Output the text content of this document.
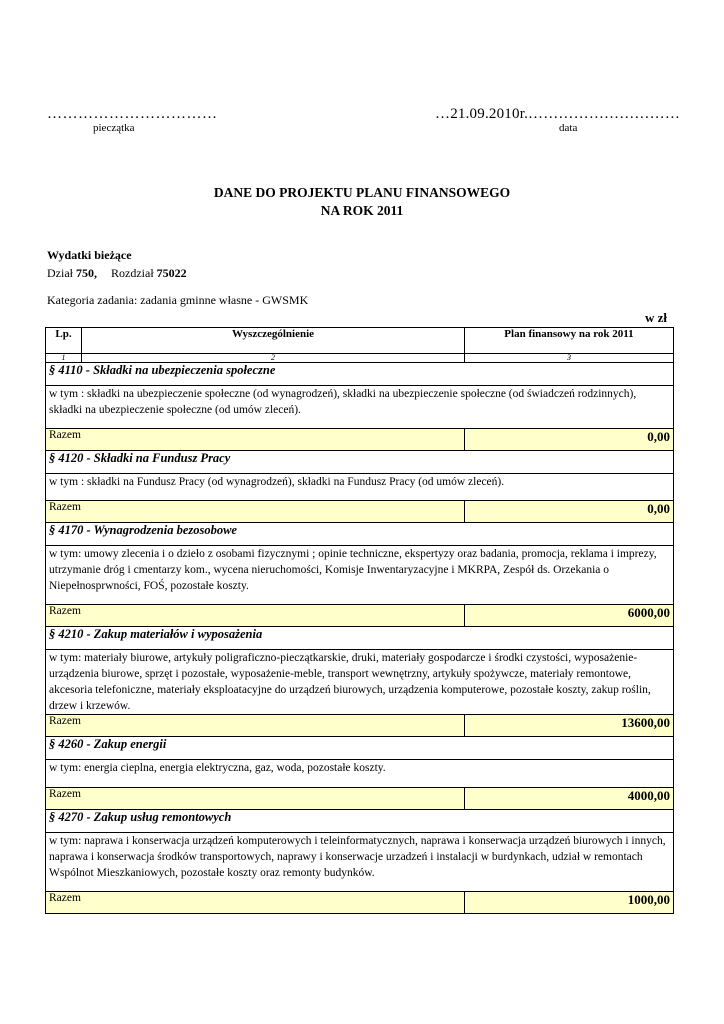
……………………………	…21.09.2010r.…………………………
pieczątka	data
DANE DO PROJEKTU PLANU FINANSOWEGO
NA ROK 2011
Wydatki bieżące
Dział 750, Rozdział 75022
Kategoria zadania: zadania gminne własne - GWSMK
w zł
Lp.	Wyszczególnienie	Plan finansowy na rok 2011
1	2	3
§ 4110 - Składki na ubezpieczenia społeczne		
w tym : składki na ubezpieczenie społeczne (od wynagrodzeń), składki na ubezpieczenie społeczne (od świadczeń rodzinnych), składki na ubezpieczenie społeczne (od umów zleceń).		
Razem		0,00
§ 4120 - Składki na Fundusz Pracy		
w tym : składki na Fundusz Pracy (od wynagrodzeń), składki na Fundusz Pracy (od umów zleceń).		
Razem		0,00
§ 4170 - Wynagrodzenia bezosobowe		
w tym: umowy zlecenia i o dzieło z osobami fizycznymi ; opinie techniczne, ekspertyzy oraz badania, promocja, reklama i imprezy, utrzymanie dróg i cmentarzy kom., wycena nieruchomości, Komisje Inwentaryzacyjne i MKRPA, Zespół ds. Orzekania o Niepełnosprwności, FOŚ, pozostałe koszty.		
Razem		6000,00
§ 4210 - Zakup materiałów i wyposażenia		
w tym: materiały biurowe, artykuły poligraficzno-pieczątkarskie, druki, materiały gospodarcze i środki czystości, wyposażenie-urządzenia biurowe, sprzęt i pozostałe, wyposażenie-meble, transport wewnętrzny, artykuły spożywcze, materiały remontowe, akcesoria telefoniczne, materiały eksploatacyjne do urządzeń biurowych, urządzenia komputerowe, pozostałe koszty, zakup roślin, drzew i krzewów.		
Razem		13600,00
§ 4260 - Zakup energii		
w tym: energia cieplna, energia elektryczna, gaz, woda, pozostałe koszty.		
Razem		4000,00
§ 4270 - Zakup usług remontowych		
w tym: naprawa i konserwacja urządzeń komputerowych i teleinformatycznych, naprawa i konserwacja urządzeń biurowych i innych, naprawa i konserwacja środków transportowych, naprawy i konserwacje urzadzeń i instalacji w burdynkach, udział w remontach Wspólnot Mieszkaniowych, pozostałe koszty oraz remonty budynków.		
Razem		1000,00
